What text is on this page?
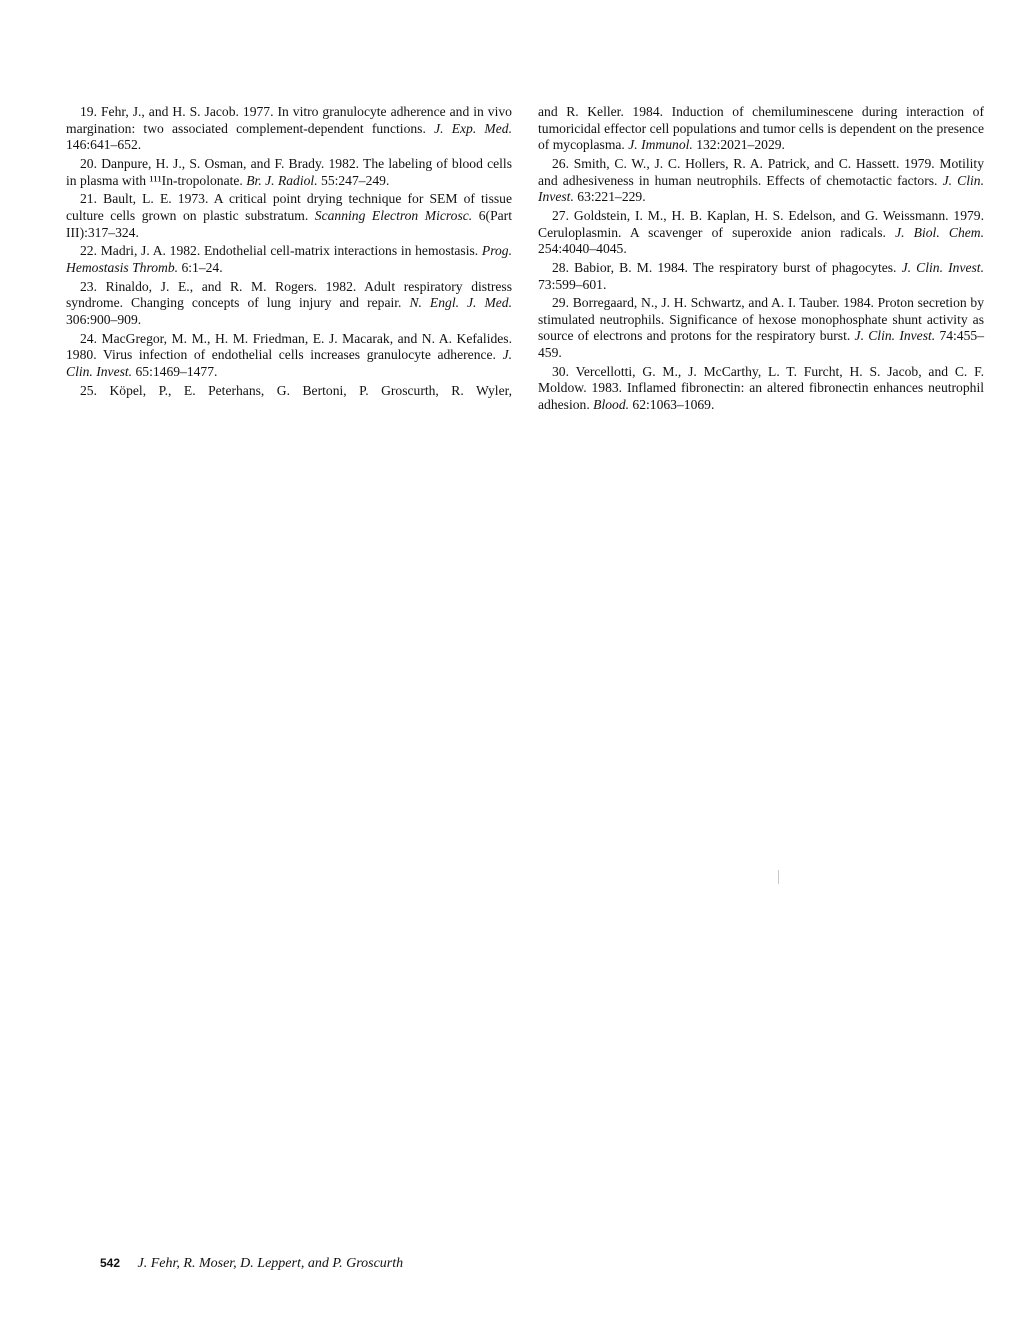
19. Fehr, J., and H. S. Jacob. 1977. In vitro granulocyte adherence and in vivo margination: two associated complement-dependent functions. J. Exp. Med. 146:641–652.

20. Danpure, H. J., S. Osman, and F. Brady. 1982. The labeling of blood cells in plasma with ¹¹¹In-tropolonate. Br. J. Radiol. 55:247–249.

21. Bault, L. E. 1973. A critical point drying technique for SEM of tissue culture cells grown on plastic substratum. Scanning Electron Microsc. 6(Part III):317–324.

22. Madri, J. A. 1982. Endothelial cell-matrix interactions in hemostasis. Prog. Hemostasis Thromb. 6:1–24.

23. Rinaldo, J. E., and R. M. Rogers. 1982. Adult respiratory distress syndrome. Changing concepts of lung injury and repair. N. Engl. J. Med. 306:900–909.

24. MacGregor, M. M., H. M. Friedman, E. J. Macarak, and N. A. Kefalides. 1980. Virus infection of endothelial cells increases granulocyte adherence. J. Clin. Invest. 65:1469–1477.

25. Köpel, P., E. Peterhans, G. Bertoni, P. Groscurth, R. Wyler,

and R. Keller. 1984. Induction of chemiluminescene during interaction of tumoricidal effector cell populations and tumor cells is dependent on the presence of mycoplasma. J. Immunol. 132:2021–2029.

26. Smith, C. W., J. C. Hollers, R. A. Patrick, and C. Hassett. 1979. Motility and adhesiveness in human neutrophils. Effects of chemotactic factors. J. Clin. Invest. 63:221–229.

27. Goldstein, I. M., H. B. Kaplan, H. S. Edelson, and G. Weissmann. 1979. Ceruloplasmin. A scavenger of superoxide anion radicals. J. Biol. Chem. 254:4040–4045.

28. Babior, B. M. 1984. The respiratory burst of phagocytes. J. Clin. Invest. 73:599–601.

29. Borregaard, N., J. H. Schwartz, and A. I. Tauber. 1984. Proton secretion by stimulated neutrophils. Significance of hexose monophosphate shunt activity as source of electrons and protons for the respiratory burst. J. Clin. Invest. 74:455–459.

30. Vercellotti, G. M., J. McCarthy, L. T. Furcht, H. S. Jacob, and C. F. Moldow. 1983. Inflamed fibronectin: an altered fibronectin enhances neutrophil adhesion. Blood. 62:1063–1069.

542 J. Fehr, R. Moser, D. Leppert, and P. Groscurth
